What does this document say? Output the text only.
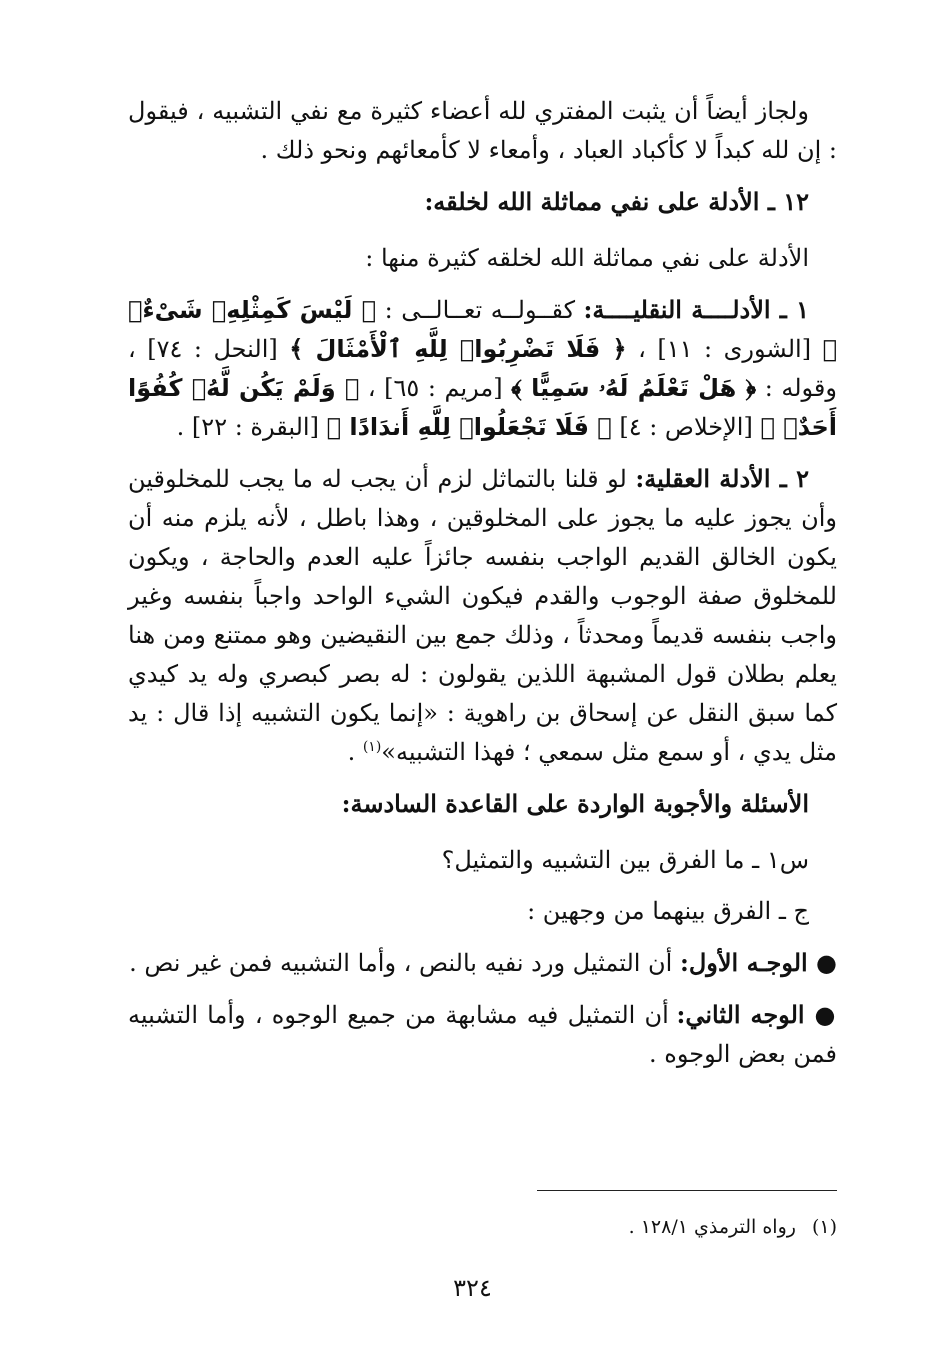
ولجاز أيضاً أن يثبت المفتري لله أعضاء كثيرة مع نفي التشبيه ، فيقول : إن لله كبداً لا كأكباد العباد ، وأمعاء لا كأمعائهم ونحو ذلك .

١٢ ـ الأدلة على نفي مماثلة الله لخلقه:

الأدلة على نفي مماثلة الله لخلقه كثيرة منها :

١ ـ الأدلــــة النقليــــة: كقــولــه تعــالــى : ﴿ لَيْسَ كَمِثْلِهِۦ شَىْءٌۖ ﴾ [الشورى : ١١] ، ﴿ فَلَا تَضْرِبُوا۟ لِلَّهِ ٱلْأَمْثَالَ ﴾ [النحل : ٧٤] ، وقوله : ﴿ هَلْ تَعْلَمُ لَهُۥ سَمِيًّا ﴾ [مريم : ٦٥] ، ﴿ وَلَمْ يَكُن لَّهُۥ كُفُوًا أَحَدٌۢ ﴾ [الإخلاص : ٤] ﴿ فَلَا تَجْعَلُوا۟ لِلَّهِ أَندَادًا ﴾ [البقرة : ٢٢] .

٢ ـ الأدلة العقلية: لو قلنا بالتماثل لزم أن يجب له ما يجب للمخلوقين وأن يجوز عليه ما يجوز على المخلوقين ، وهذا باطل ، لأنه يلزم منه أن يكون الخالق القديم الواجب بنفسه جائزاً عليه العدم والحاجة ، ويكون للمخلوق صفة الوجوب والقدم فيكون الشيء الواحد واجباً بنفسه وغير واجب بنفسه قديماً ومحدثاً ، وذلك جمع بين النقيضين وهو ممتنع ومن هنا يعلم بطلان قول المشبهة اللذين يقولون : له بصر كبصري وله يد كيدي كما سبق النقل عن إسحاق بن راهوية : «إنما يكون التشبيه إذا قال : يد مثل يدي ، أو سمع مثل سمعي ؛ فهذا التشبيه»$^{(١)}$ .

الأسئلة والأجوبة الواردة على القاعدة السادسة:

س١ ـ ما الفرق بين التشبيه والتمثيل؟

ج ـ الفرق بينهما من وجهين :

● الوجـه الأول: أن التمثيل ورد نفيه بالنص ، وأما التشبيه فمن غير نص .

● الوجه الثاني: أن التمثيل فيه مشابهة من جميع الوجوه ، وأما التشبيه فمن بعض الوجوه .

(١)رواه الترمذي ١٢٨/١ .
٣٢٤
